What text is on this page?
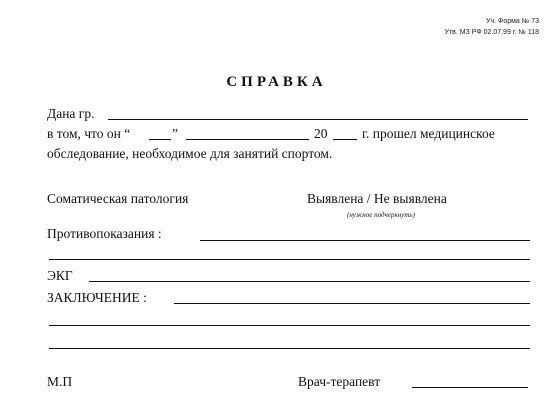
Уч. Форма № 73
Утв. МЗ РФ 02.07.99 г. № 118
СПРАВКА
Дана гр.
в том, что он “	”	20	г. прошел медицинское
обследование, необходимое для занятий спортом.
Соматическая патология	Выявлена / Не выявлена
(нужное подчеркнуть)
Противопоказания :
ЭКГ
ЗАКЛЮЧЕНИЕ :
М.П	Врач-терапевт
